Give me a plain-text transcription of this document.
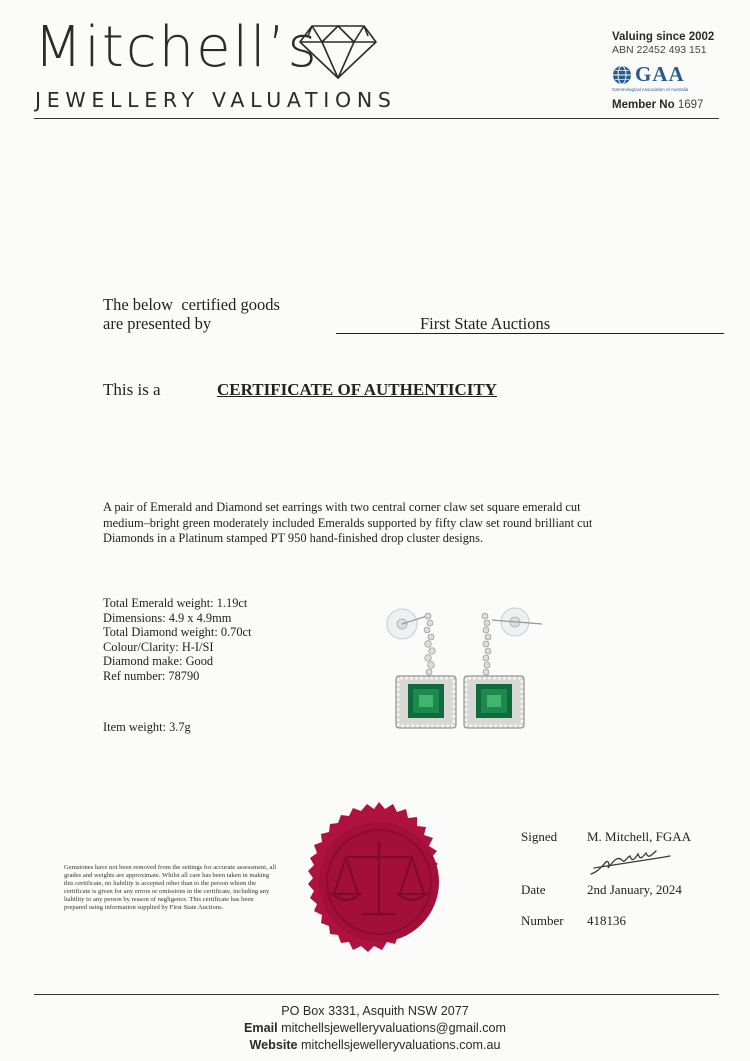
Mitchell’s
JEWELLERY VALUATIONS
Valuing since 2002
ABN 22452 493 151
GAA
Gemmological Association of Australia
Member No 1697
The below  certified goods
are presented by	First State Auctions
This is a	CERTIFICATE OF AUTHENTICITY
A pair of Emerald and Diamond set earrings with two central corner claw set square emerald cut medium–bright green moderately included Emeralds supported by fifty claw set round brilliant cut Diamonds in a Platinum stamped PT 950 hand-finished drop cluster designs.
Total Emerald weight: 1.19ct
Dimensions: 4.9 x 4.9mm
Total Diamond weight: 0.70ct
Colour/Clarity: H-I/SI
Diamond make: Good
Ref number: 78790
Item weight: 3.7g
Gemstones have not been removed from the settings for accurate assessment, all grades and weights are approximate. Whilst all care has been taken in making this certificate, no liability is accepted other than to the person whom the certificate is given for any errors or omissions in the certificate, including any liability to any person by reason of negligence. This certificate has been prepared using information supplied by First State Auctions.
Signed M. Mitchell, FGAA
Date	2nd January, 2024
Number 418136
PO Box 3331, Asquith NSW 2077
Email mitchellsjewelleryvaluations@gmail.com
Website mitchellsjewelleryvaluations.com.au
